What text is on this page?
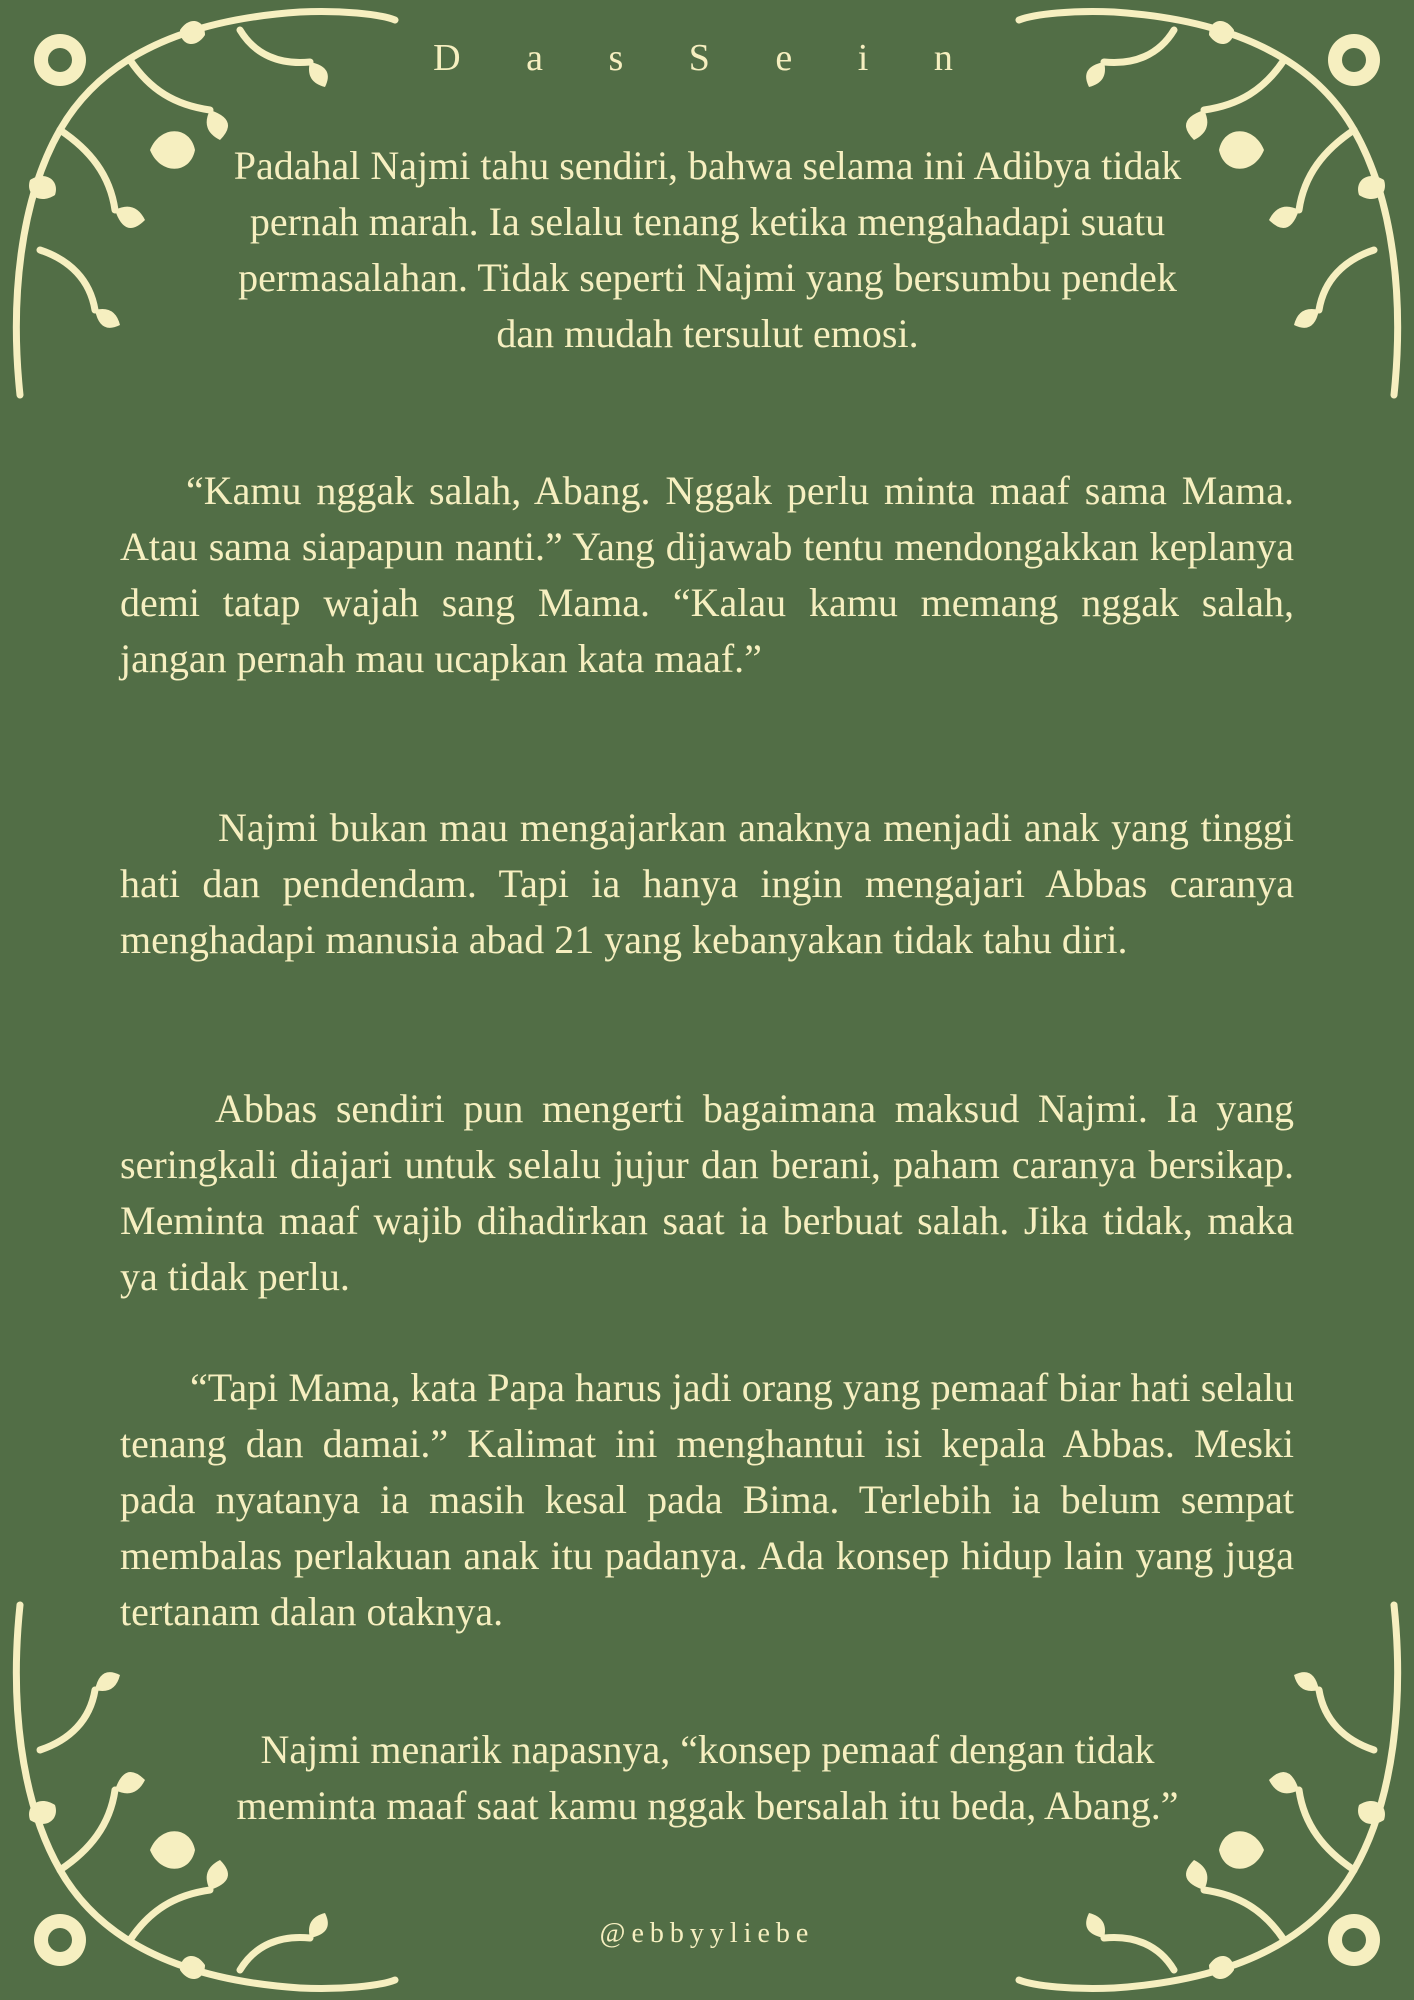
D a s S e i n

Padahal Najmi tahu sendiri, bahwa selama ini Adibya tidak pernah marah. Ia selalu tenang ketika mengahadapi suatu permasalahan. Tidak seperti Najmi yang bersumbu pendek dan mudah tersulut emosi.

“Kamu nggak salah, Abang. Nggak perlu minta maaf sama Mama. Atau sama siapapun nanti.” Yang dijawab tentu mendongakkan keplanya demi tatap wajah sang Mama. “Kalau kamu memang nggak salah, jangan pernah mau ucapkan kata maaf.”

Najmi bukan mau mengajarkan anaknya menjadi anak yang tinggi hati dan pendendam. Tapi ia hanya ingin mengajari Abbas caranya menghadapi manusia abad 21 yang kebanyakan tidak tahu diri.

Abbas sendiri pun mengerti bagaimana maksud Najmi. Ia yang seringkali diajari untuk selalu jujur dan berani, paham caranya bersikap. Meminta maaf wajib dihadirkan saat ia berbuat salah. Jika tidak, maka ya tidak perlu.

“Tapi Mama, kata Papa harus jadi orang yang pemaaf biar hati selalu tenang dan damai.” Kalimat ini menghantui isi kepala Abbas. Meski pada nyatanya ia masih kesal pada Bima. Terlebih ia belum sempat membalas perlakuan anak itu padanya. Ada konsep hidup lain yang juga tertanam dalan otaknya.

Najmi menarik napasnya, “konsep pemaaf dengan tidak meminta maaf saat kamu nggak bersalah itu beda, Abang.”

@ebbyyliebe
